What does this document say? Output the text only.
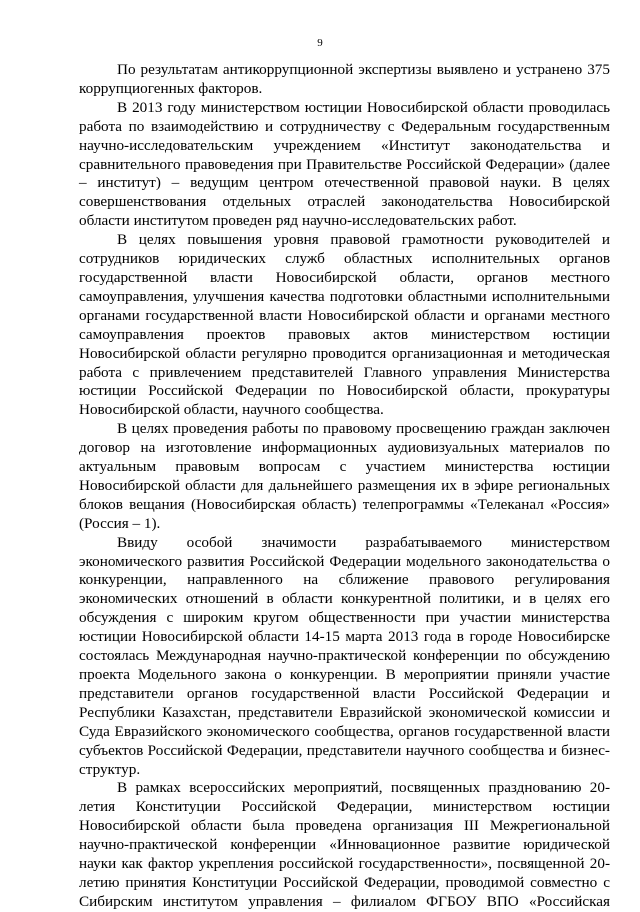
9

По результатам антикоррупционной экспертизы выявлено и устранено 375 коррупциогенных факторов.

В 2013 году министерством юстиции Новосибирской области проводилась работа по взаимодействию и сотрудничеству с Федеральным государственным научно-исследовательским учреждением «Институт законодательства и сравнительного правоведения при Правительстве Российской Федерации» (далее – институт) – ведущим центром отечественной правовой науки. В целях совершенствования отдельных отраслей законодательства Новосибирской области институтом проведен ряд научно-исследовательских работ.

В целях повышения уровня правовой грамотности руководителей и сотрудников юридических служб областных исполнительных органов государственной власти Новосибирской области, органов местного самоуправления, улучшения качества подготовки областными исполнительными органами государственной власти Новосибирской области и органами местного самоуправления проектов правовых актов министерством юстиции Новосибирской области регулярно проводится организационная и методическая работа с привлечением представителей Главного управления Министерства юстиции Российской Федерации по Новосибирской области, прокуратуры Новосибирской области, научного сообщества.

В целях проведения работы по правовому просвещению граждан заключен договор на изготовление информационных аудиовизуальных материалов по актуальным правовым вопросам с участием министерства юстиции Новосибирской области для дальнейшего размещения их в эфире региональных блоков вещания (Новосибирская область) телепрограммы «Телеканал «Россия» (Россия – 1).

Ввиду особой значимости разрабатываемого министерством экономического развития Российской Федерации модельного законодательства о конкуренции, направленного на сближение правового регулирования экономических отношений в области конкурентной политики, и в целях его обсуждения с широким кругом общественности при участии министерства юстиции Новосибирской области 14-15 марта 2013 года в городе Новосибирске состоялась Международная научно-практической конференции по обсуждению проекта Модельного закона о конкуренции. В мероприятии приняли участие представители органов государственной власти Российской Федерации и Республики Казахстан, представители Евразийской экономической комиссии и Суда Евразийского экономического сообщества, органов государственной власти субъектов Российской Федерации, представители научного сообщества и бизнес-структур.

В рамках всероссийских мероприятий, посвященных празднованию 20-летия Конституции Российской Федерации, министерством юстиции Новосибирской области была проведена организация III Межрегиональной научно-практической конференции «Инновационное развитие юридической науки как фактор укрепления российской государственности», посвященной 20-летию принятия Конституции Российской Федерации, проводимой совместно с Сибирским институтом управления – филиалом ФГБОУ ВПО «Российская
